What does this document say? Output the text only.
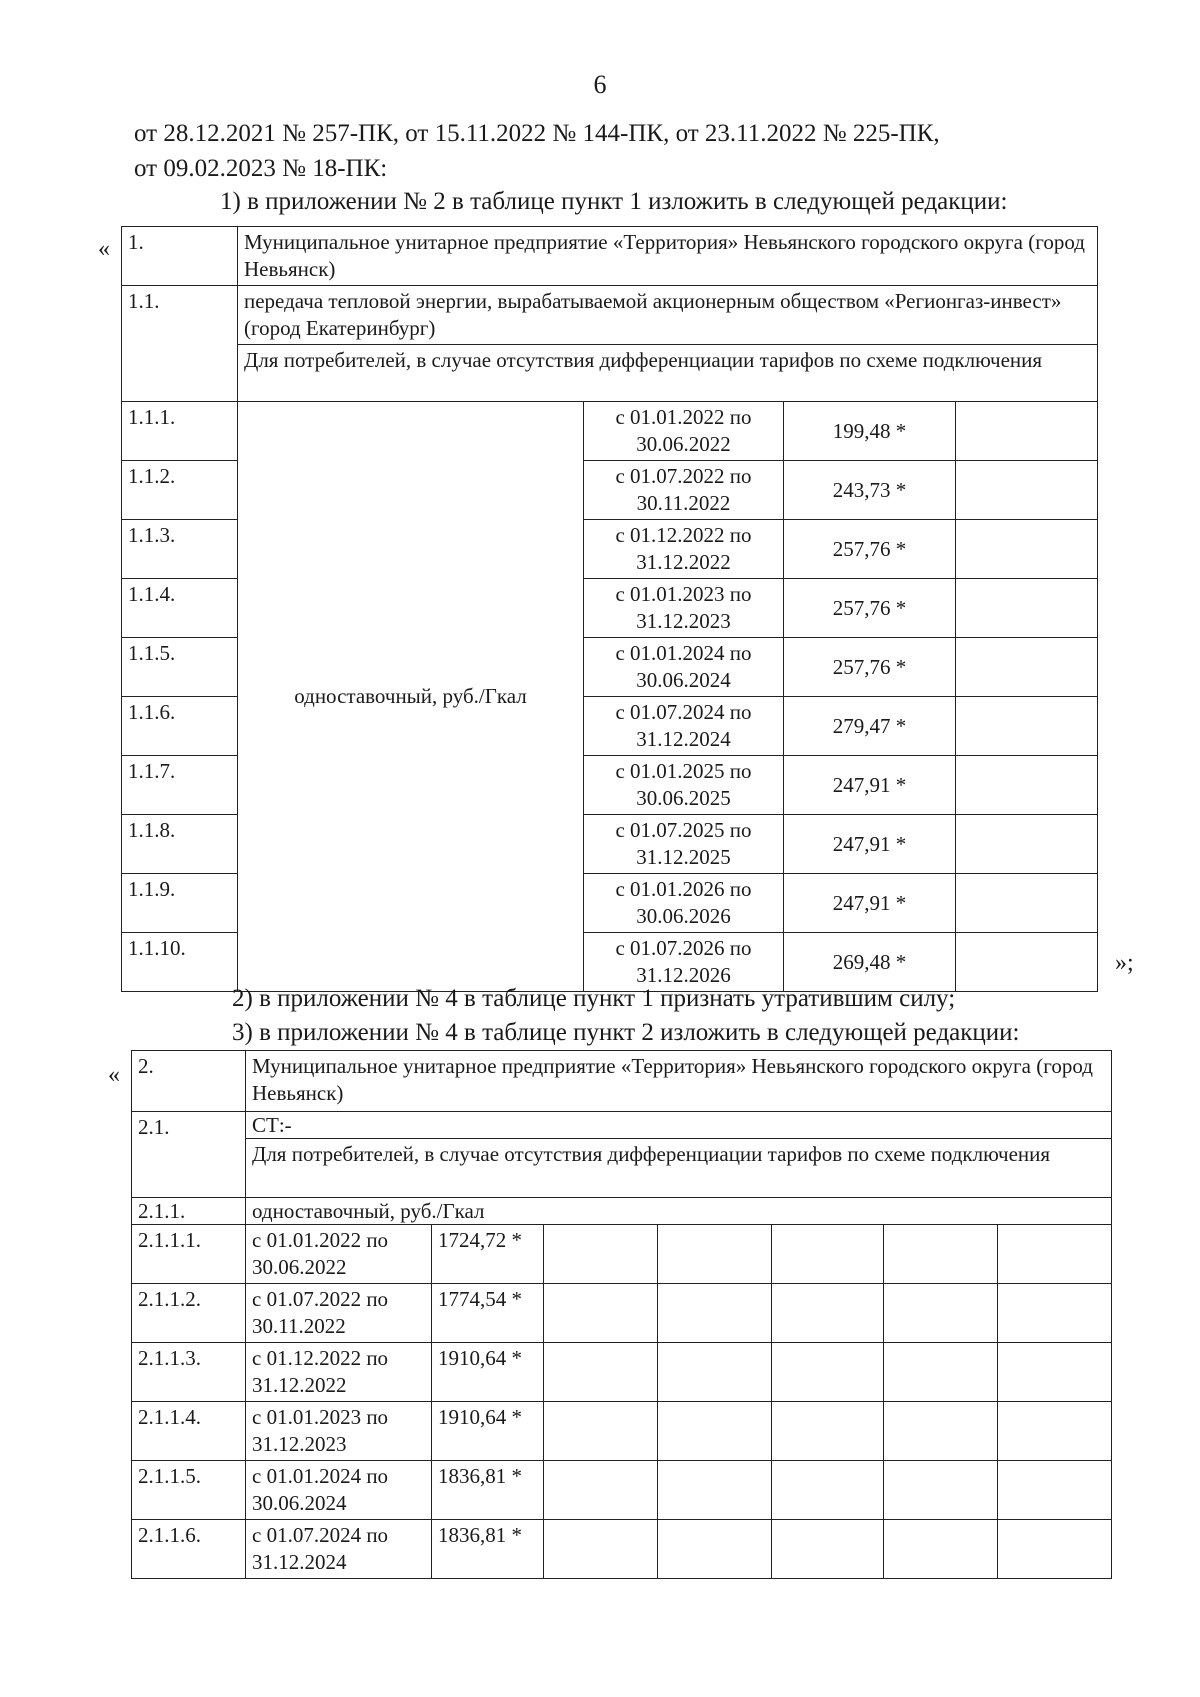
6
от 28.12.2021 № 257-ПК, от 15.11.2022 № 144-ПК, от 23.11.2022 № 225-ПК,
от 09.02.2023 № 18-ПК:
1) в приложении № 2 в таблице пункт 1 изложить в следующей редакции:
« 1.	Муниципальное унитарное предприятие «Территория» Невьянского городского округа (город Невьянск)			
1.1.	передача тепловой энергии, вырабатываемой акционерным обществом «Регионгаз-инвест» (город Екатеринбург)			
	Для потребителей, в случае отсутствия дифференциации тарифов по схеме подключения			
1.1.1.	одноставочный, руб./Гкал	с 01.01.2022 по 30.06.2022	199,48 *	
1.1.2.		с 01.07.2022 по 30.11.2022	243,73 *	
1.1.3.		с 01.12.2022 по 31.12.2022	257,76 *	
1.1.4.		с 01.01.2023 по 31.12.2023	257,76 *	
1.1.5.		с 01.01.2024 по 30.06.2024	257,76 *	
1.1.6.		с 01.07.2024 по 31.12.2024	279,47 *	
1.1.7.		с 01.01.2025 по 30.06.2025	247,91 *	
1.1.8.		с 01.07.2025 по 31.12.2025	247,91 *	
1.1.9.		с 01.01.2026 по 30.06.2026	247,91 *	
1.1.10.		с 01.07.2026 по 31.12.2026	269,48 *		»;
2) в приложении № 4 в таблице пункт 1 признать утратившим силу;
3) в приложении № 4 в таблице пункт 2 изложить в следующей редакции:
« 2.	Муниципальное унитарное предприятие «Территория» Невьянского городского округа (город Невьянск)						
2.1.	СТ:-						
	Для потребителей, в случае отсутствия дифференциации тарифов по схеме подключения						
2.1.1.	одноставочный, руб./Гкал						
2.1.1.1.	с 01.01.2022 по 30.06.2022	1724,72 *					
2.1.1.2.	с 01.07.2022 по 30.11.2022	1774,54 *					
2.1.1.3.	с 01.12.2022 по 31.12.2022	1910,64 *					
2.1.1.4.	с 01.01.2023 по 31.12.2023	1910,64 *					
2.1.1.5.	с 01.01.2024 по 30.06.2024	1836,81 *					
2.1.1.6.	с 01.07.2024 по 31.12.2024	1836,81 *					
